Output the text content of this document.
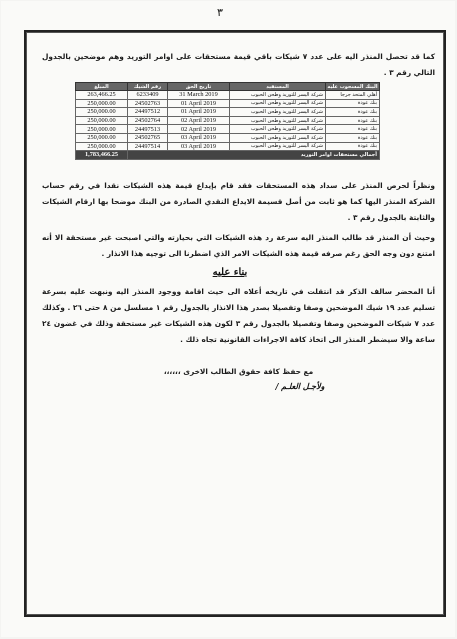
٣
كما قد تحصل المنذر اليه على عدد ٧ شيكات باقي قيمة مستحقات على اوامر التوريد وهم موضحين بالجدول التالي رقم ٣ .
المبلغ	رقم الشيك	تاريخ الحق	المستفيد	البنك المسحوب عليه
263,466.25	6233409	31 March 2019	شركة اليسر للتوريد وطحن الحبوب	أهلي المتحد جرجا
250,000.00	24502763	01 April 2019	شركة اليسر للتوريد وطحن الحبوب	بنك عودة
250,000.00	24497512	01 April 2019	شركة اليسر للتوريد وطحن الحبوب	بنك عودة
250,000.00	24502764	02 April 2019	شركة اليسر للتوريد وطحن الحبوب	بنك عودة
250,000.00	24497513	02 April 2019	شركة اليسر للتوريد وطحن الحبوب	بنك عودة
250,000.00	24502765	03 April 2019	شركة اليسر للتوريد وطحن الحبوب	بنك عودة
250,000.00	24497514	03 April 2019	شركة اليسر للتوريد وطحن الحبوب	بنك عودة
1,783,466.25	أجمالي مستحقات اوامر التوريد			
ونظراً لحرص المنذر على سداد هذه المستحقات فقد قام بإيداع قيمة هذه الشيكات نقدا في رقم حساب الشركة المنذر اليها كما هو ثابت من أصل قسيمة الايداع النقدي الصادرة من البنك موضحا بها ارقام الشيكات والثابتة بالجدول رقم ٣ .
وحيث أن المنذر قد طالب المنذر اليه سرعة رد هذه الشيكات التي بحيازته والتي اصبحت غير مستحقة الا أنه امتنع دون وجه الحق رغم صرفه قيمة هذه الشيكات الامر الذي اضطرنا الى توجيه هذا الانذار .
بناء عليه
أنا المحضر سالف الذكر قد انتقلت في تاريخه أعلاه الى حيث اقامة ووجود المنذر اليه ونبهت عليه بسرعة تسليم عدد ١٩ شيك الموضحين وصفا وتفصيلا بصدر هذا الانذار بالجدول رقم ١ مسلسل من ٨ حتى ٢٦ . وكذلك عدد ٧ شيكات الموضحين وصفا وتفصيلا بالجدول رقم ٣ لكون هذه الشيكات غير مستحقة وذلك في غضون ٢٤ ساعة والا سيضطر المنذر الى اتخاذ كافة الاجراءات القانونية تجاه ذلك .
مع حفظ كافة حقوق الطالب الاخرى ،،،،،،
ولأجـل العلـم /
